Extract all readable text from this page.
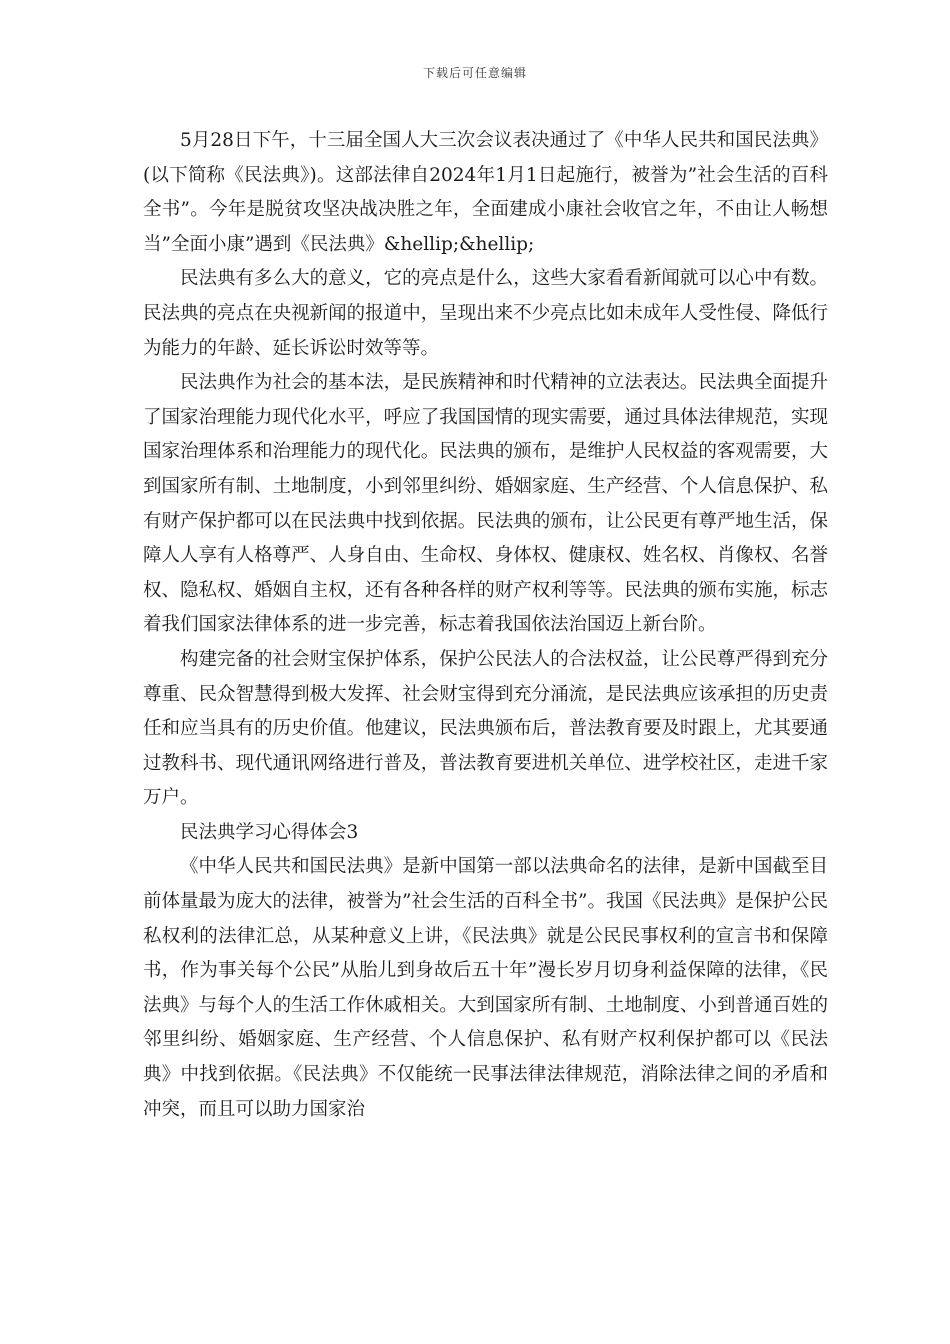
下载后可任意编辑

5月28日下午，十三届全国人大三次会议表决通过了《中华人民共和国民法典》(以下简称《民法典》)。这部法律自2024年1月1日起施行，被誉为”社会生活的百科全书”。今年是脱贫攻坚决战决胜之年，全面建成小康社会收官之年，不由让人畅想当”全面小康”遇到《民法典》&hellip;&hellip;

民法典有多么大的意义，它的亮点是什么，这些大家看看新闻就可以心中有数。民法典的亮点在央视新闻的报道中，呈现出来不少亮点比如未成年人受性侵、降低行为能力的年龄、延长诉讼时效等等。

民法典作为社会的基本法，是民族精神和时代精神的立法表达。民法典全面提升了国家治理能力现代化水平，呼应了我国国情的现实需要，通过具体法律规范，实现国家治理体系和治理能力的现代化。民法典的颁布，是维护人民权益的客观需要，大到国家所有制、土地制度，小到邻里纠纷、婚姻家庭、生产经营、个人信息保护、私有财产保护都可以在民法典中找到依据。民法典的颁布，让公民更有尊严地生活，保障人人享有人格尊严、人身自由、生命权、身体权、健康权、姓名权、肖像权、名誉权、隐私权、婚姻自主权，还有各种各样的财产权利等等。民法典的颁布实施，标志着我们国家法律体系的进一步完善，标志着我国依法治国迈上新台阶。

构建完备的社会财宝保护体系，保护公民法人的合法权益，让公民尊严得到充分尊重、民众智慧得到极大发挥、社会财宝得到充分涌流，是民法典应该承担的历史责任和应当具有的历史价值。他建议，民法典颁布后，普法教育要及时跟上，尤其要通过教科书、现代通讯网络进行普及，普法教育要进机关单位、进学校社区，走进千家万户。

民法典学习心得体会3

《中华人民共和国民法典》是新中国第一部以法典命名的法律，是新中国截至目前体量最为庞大的法律，被誉为”社会生活的百科全书”。我国《民法典》是保护公民私权利的法律汇总，从某种意义上讲，《民法典》就是公民民事权利的宣言书和保障书，作为事关每个公民”从胎儿到身故后五十年”漫长岁月切身利益保障的法律，《民法典》与每个人的生活工作休戚相关。大到国家所有制、土地制度、小到普通百姓的邻里纠纷、婚姻家庭、生产经营、个人信息保护、私有财产权利保护都可以《民法典》中找到依据。《民法典》不仅能统一民事法律法律规范，消除法律之间的矛盾和冲突，而且可以助力国家治
